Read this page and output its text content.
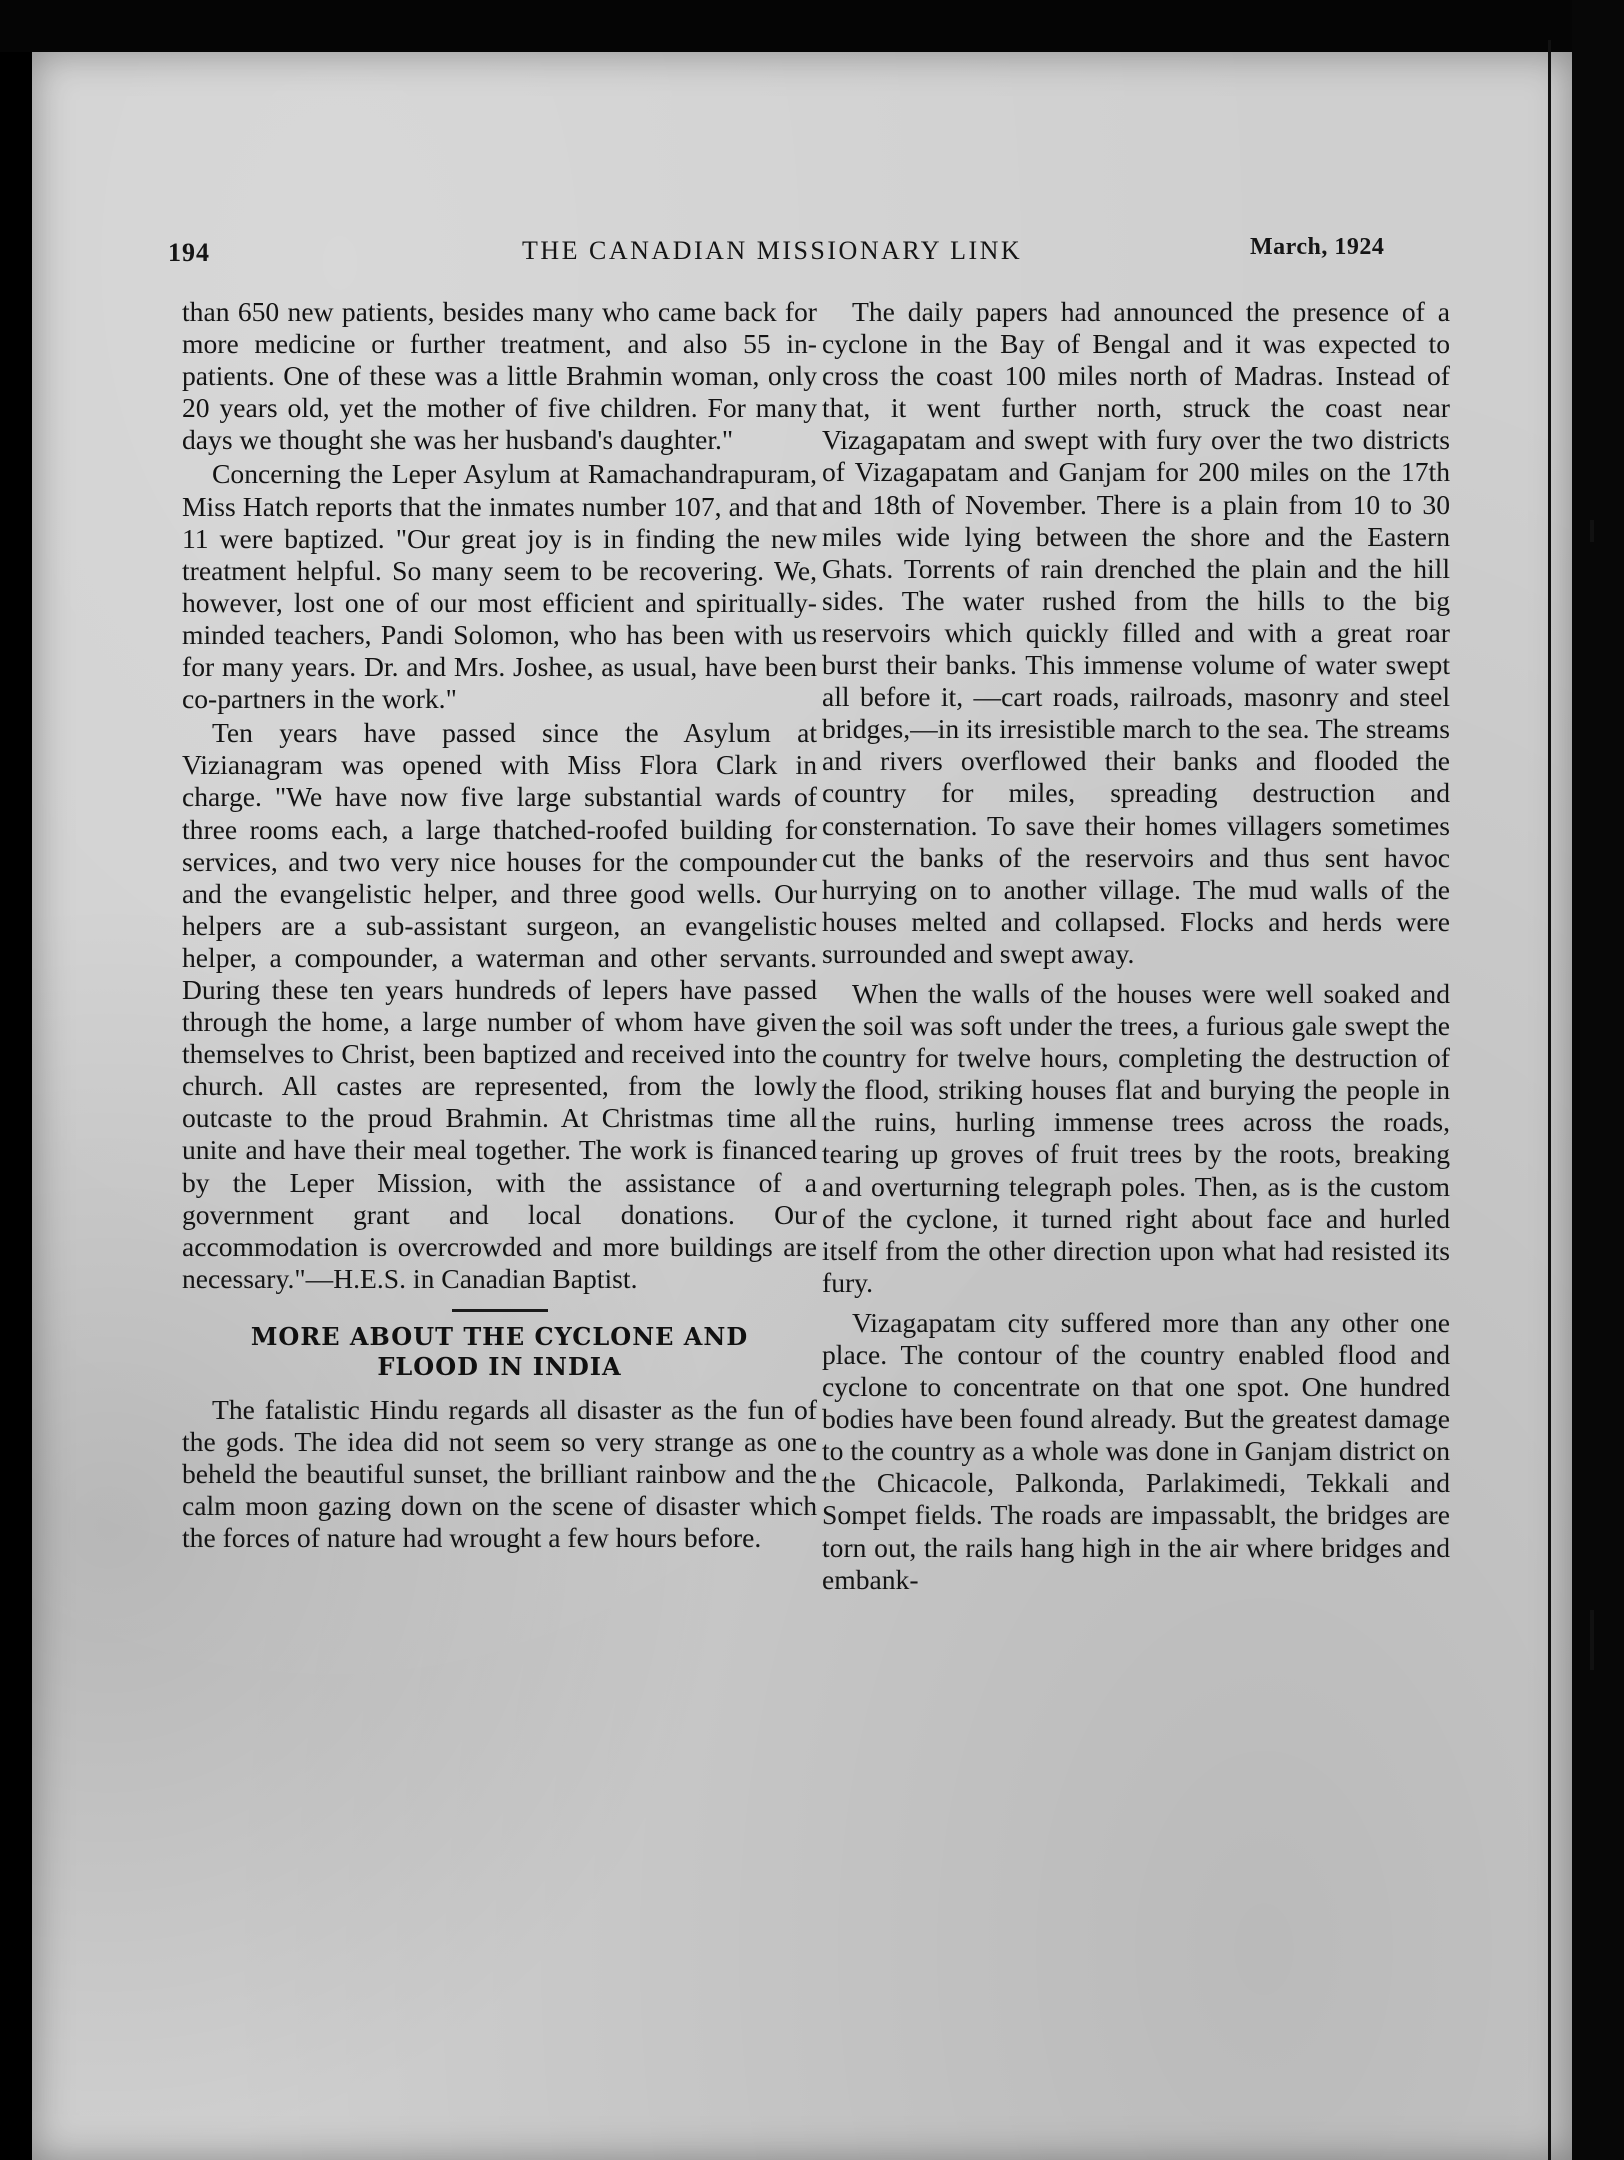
194	THE CANADIAN MISSIONARY LINK	March, 1924

than 650 new patients, besides many who came back for more medicine or further treatment, and also 55 in-patients. One of these was a little Brahmin woman, only 20 years old, yet the mother of five children. For many days we thought she was her husband's daughter."

Concerning the Leper Asylum at Ramachandrapuram, Miss Hatch reports that the inmates number 107, and that 11 were baptized. "Our great joy is in finding the new treatment helpful. So many seem to be recovering. We, however, lost one of our most efficient and spiritually-minded teachers, Pandi Solomon, who has been with us for many years. Dr. and Mrs. Joshee, as usual, have been co-partners in the work."

Ten years have passed since the Asylum at Vizianagram was opened with Miss Flora Clark in charge. "We have now five large substantial wards of three rooms each, a large thatched-roofed building for services, and two very nice houses for the compounder and the evangelistic helper, and three good wells. Our helpers are a sub-assistant surgeon, an evangelistic helper, a compounder, a waterman and other servants. During these ten years hundreds of lepers have passed through the home, a large number of whom have given themselves to Christ, been baptized and received into the church. All castes are represented, from the lowly outcaste to the proud Brahmin. At Christmas time all unite and have their meal together. The work is financed by the Leper Mission, with the assistance of a government grant and local donations. Our accommodation is overcrowded and more buildings are necessary."—H.E.S. in Canadian Baptist.

MORE ABOUT THE CYCLONE AND
FLOOD IN INDIA

The fatalistic Hindu regards all disaster as the fun of the gods. The idea did not seem so very strange as one beheld the beautiful sunset, the brilliant rainbow and the calm moon gazing down on the scene of disaster which the forces of nature had wrought a few hours before.

The daily papers had announced the presence of a cyclone in the Bay of Bengal and it was expected to cross the coast 100 miles north of Madras. Instead of that, it went further north, struck the coast near Vizagapatam and swept with fury over the two districts of Vizagapatam and Ganjam for 200 miles on the 17th and 18th of November. There is a plain from 10 to 30 miles wide lying between the shore and the Eastern Ghats. Torrents of rain drenched the plain and the hill sides. The water rushed from the hills to the big reservoirs which quickly filled and with a great roar burst their banks. This immense volume of water swept all before it, —cart roads, railroads, masonry and steel bridges,—in its irresistible march to the sea. The streams and rivers overflowed their banks and flooded the country for miles, spreading destruction and consternation. To save their homes villagers sometimes cut the banks of the reservoirs and thus sent havoc hurrying on to another village. The mud walls of the houses melted and collapsed. Flocks and herds were surrounded and swept away.

When the walls of the houses were well soaked and the soil was soft under the trees, a furious gale swept the country for twelve hours, completing the destruction of the flood, striking houses flat and burying the people in the ruins, hurling immense trees across the roads, tearing up groves of fruit trees by the roots, breaking and overturning telegraph poles. Then, as is the custom of the cyclone, it turned right about face and hurled itself from the other direction upon what had resisted its fury.

Vizagapatam city suffered more than any other one place. The contour of the country enabled flood and cyclone to concentrate on that one spot. One hundred bodies have been found already. But the greatest damage to the country as a whole was done in Ganjam district on the Chicacole, Palkonda, Parlakimedi, Tekkali and Sompet fields. The roads are impassablt, the bridges are torn out, the rails hang high in the air where bridges and embank-
